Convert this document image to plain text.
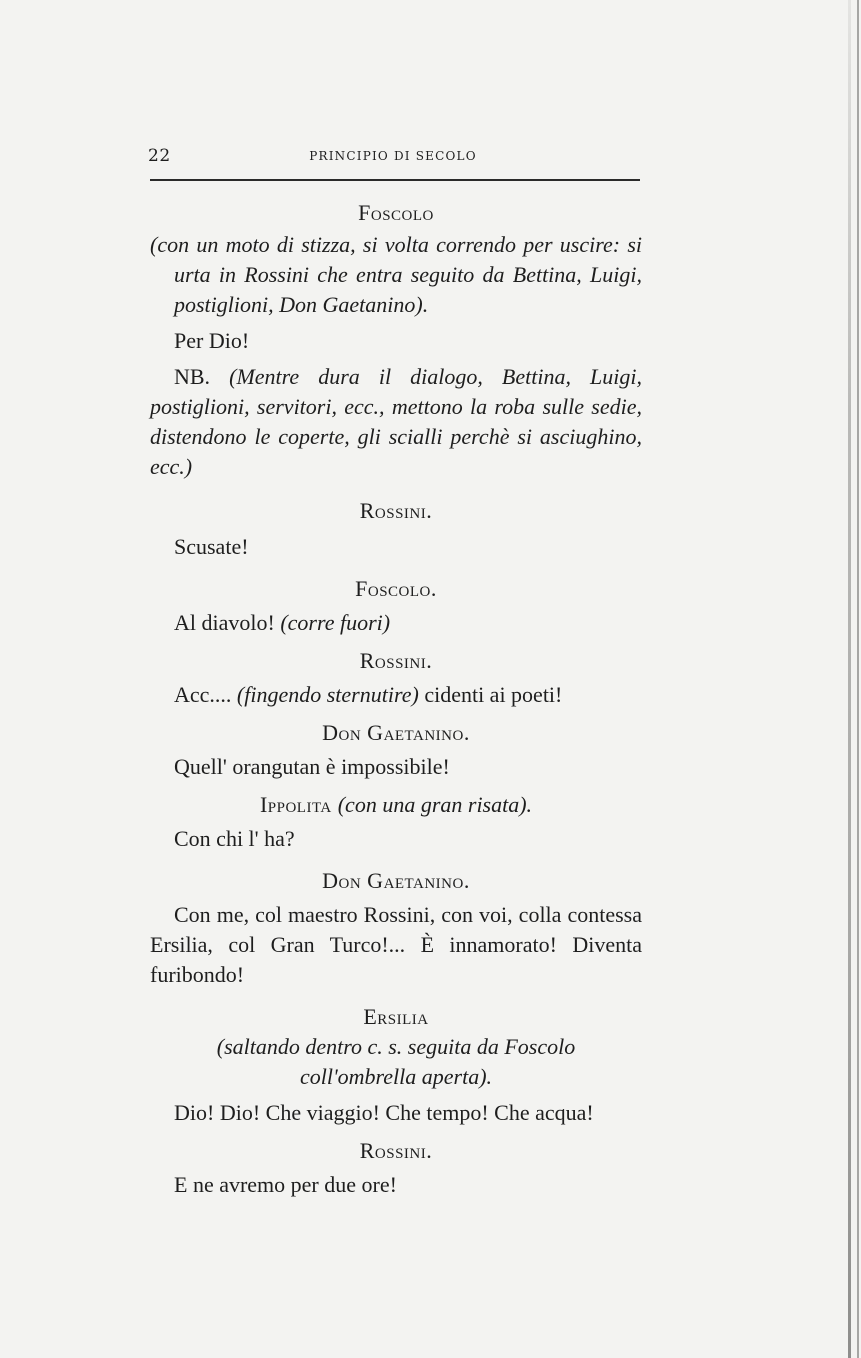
22	PRINCIPIO DI SECOLO

Foscolo

(con un moto di stizza, si volta correndo per uscire: si urta in Rossini che entra seguito da Bettina, Luigi, postiglioni, Don Gaetanino).

Per Dio!

NB. (Mentre dura il dialogo, Bettina, Luigi, postiglioni, servitori, ecc., mettono la roba sulle sedie, distendono le coperte, gli scialli perchè si asciughino, ecc.)

Rossini.

Scusate!

Foscolo.

Al diavolo! (corre fuori)

Rossini.

Acc.... (fingendo sternutire) cidenti ai poeti!

Don Gaetanino.

Quell' orangutan è impossibile!

Ippolita (con una gran risata).

Con chi l' ha?

Don Gaetanino.

Con me, col maestro Rossini, con voi, colla contessa Ersilia, col Gran Turco!... È innamorato! Diventa furibondo!

Ersilia

(saltando dentro c. s. seguita da Foscolo coll'ombrella aperta).

Dio! Dio! Che viaggio! Che tempo! Che acqua!

Rossini.

E ne avremo per due ore!
